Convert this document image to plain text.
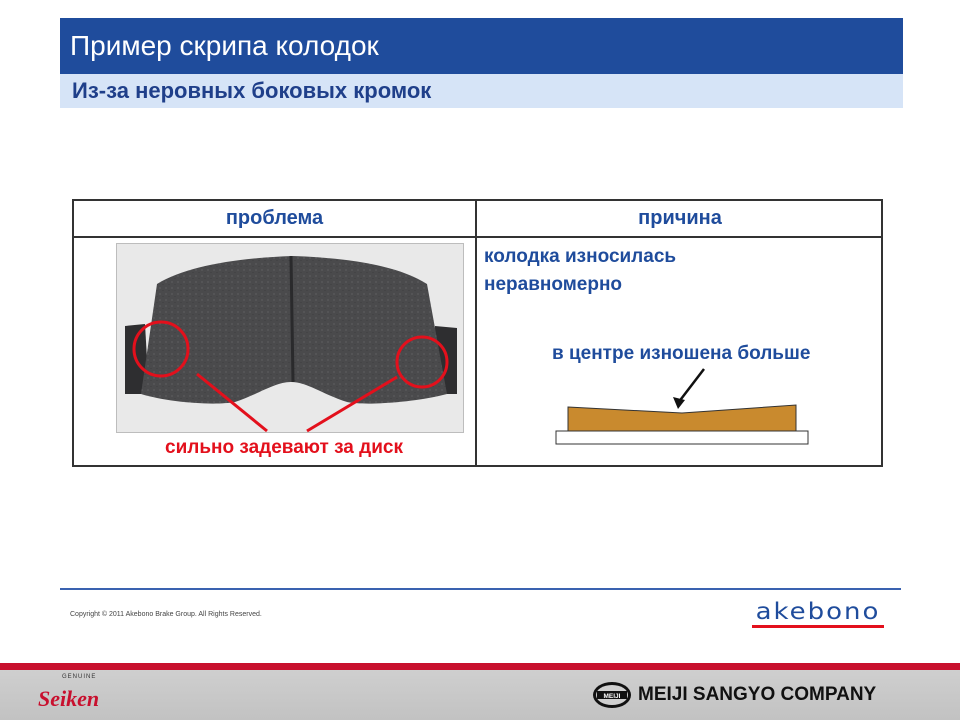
Пример скрипа колодок
Из-за неровных боковых кромок
проблема	причина
сильно задевают за диск
колодка износилась
неравномерно
в центре изношена больше
Copyright © 2011 Akebono Brake Group. All Rights Reserved.	akebono
GENUINE
Seiken	MEIJI MEIJI SANGYO COMPANY
